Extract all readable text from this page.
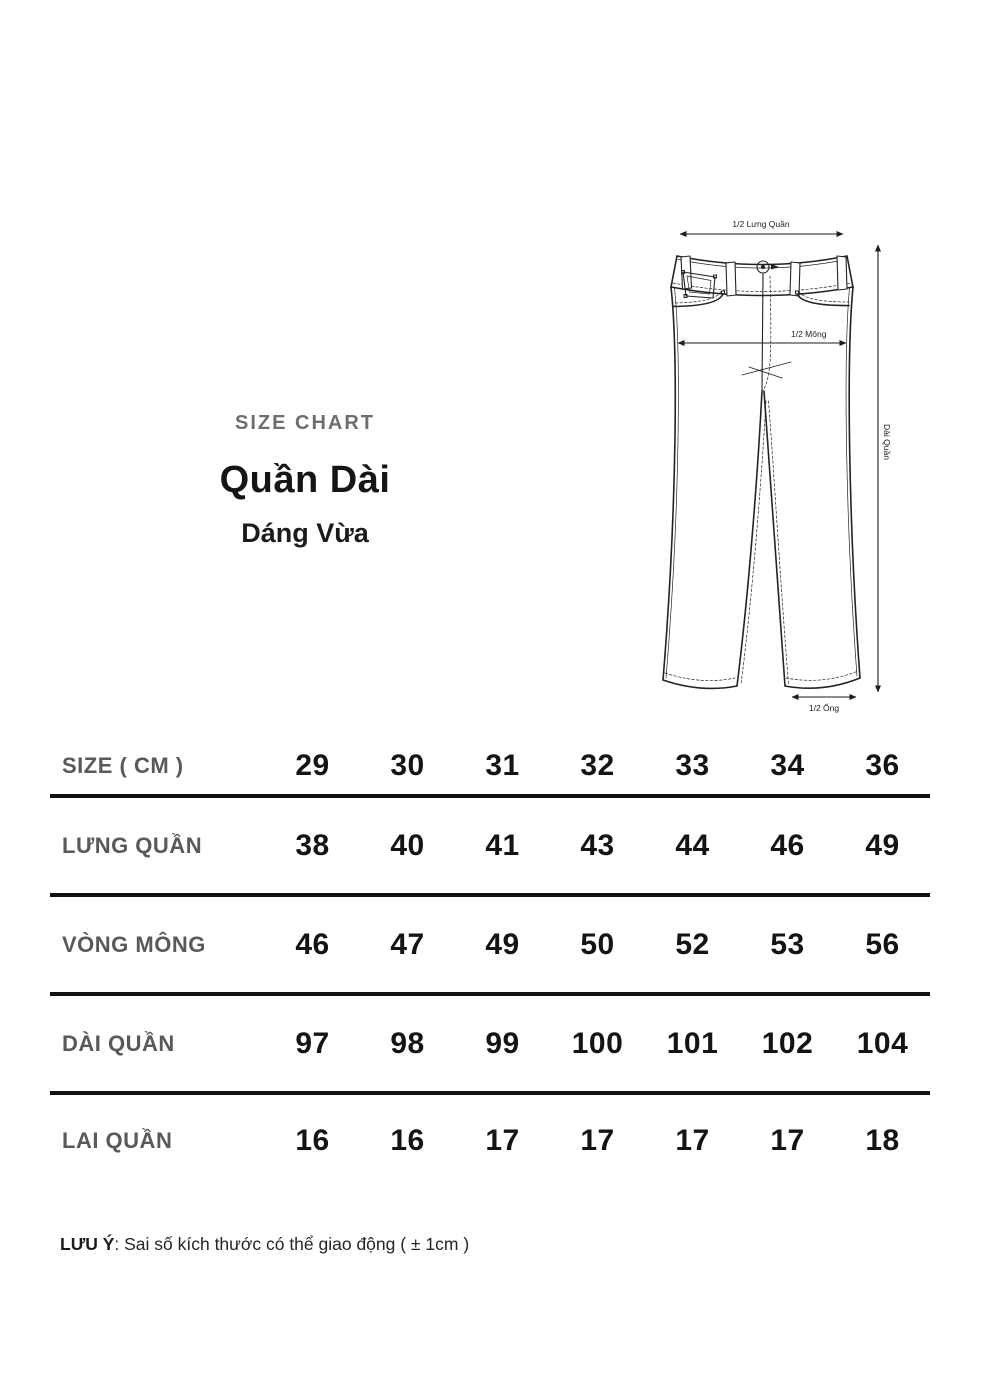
SIZE CHART
Quần Dài
Dáng Vừa
1/2 Lưng Quần
1/2 Mông
Dài Quần
1/2 Ống
SIZE ( CM )	29	30	31	32	33	34	36
LƯNG QUẦN	38	40	41	43	44	46	49
VÒNG MÔNG	46	47	49	50	52	53	56
DÀI QUẦN	97	98	99	100	101	102	104
LAI QUẦN	16	16	17	17	17	17	18
LƯU Ý: Sai số kích thước có thể giao động ( ± 1cm )
